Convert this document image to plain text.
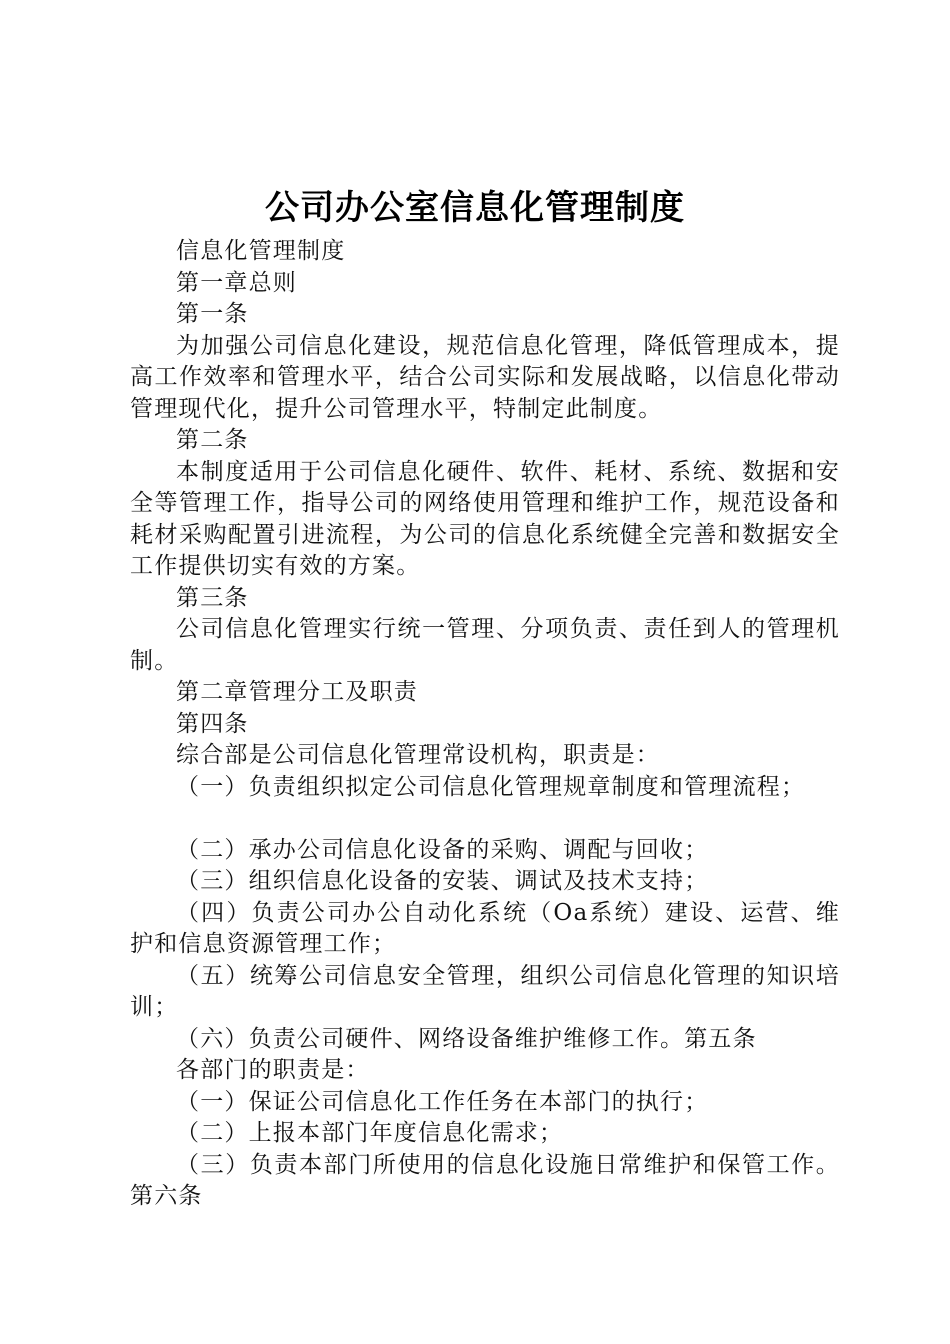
公司办公室信息化管理制度

信息化管理制度

第一章总则

第一条

为加强公司信息化建设，规范信息化管理，降低管理成本，提高工作效率和管理水平，结合公司实际和发展战略，以信息化带动管理现代化，提升公司管理水平，特制定此制度。

第二条

本制度适用于公司信息化硬件、软件、耗材、系统、数据和安全等管理工作，指导公司的网络使用管理和维护工作，规范设备和耗材采购配置引进流程，为公司的信息化系统健全完善和数据安全工作提供切实有效的方案。

第三条

公司信息化管理实行统一管理、分项负责、责任到人的管理机制。

第二章管理分工及职责

第四条

综合部是公司信息化管理常设机构，职责是：

（一）负责组织拟定公司信息化管理规章制度和管理流程；

（二）承办公司信息化设备的采购、调配与回收；

（三）组织信息化设备的安装、调试及技术支持；

（四）负责公司办公自动化系统（Oa系统）建设、运营、维护和信息资源管理工作；

（五）统筹公司信息安全管理，组织公司信息化管理的知识培训；

（六）负责公司硬件、网络设备维护维修工作。第五条

各部门的职责是：

（一）保证公司信息化工作任务在本部门的执行；

（二）上报本部门年度信息化需求；

（三）负责本部门所使用的信息化设施日常维护和保管工作。第六条
